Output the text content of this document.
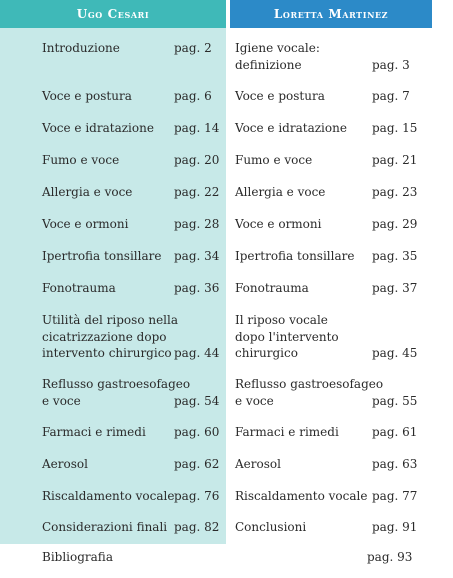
Ugo Cesari
Introduzione	pag. 2
Voce e postura	pag. 6
Voce e idratazione pag. 14
Fumo e voce	pag. 20
Allergia e voce	pag. 22
Voce e ormoni	pag. 28
Ipertrofia tonsillare pag. 34
Fonotrauma	pag. 36
Utilità del riposo nella
cicatrizzazione dopo
intervento chirurgico pag. 44
Reflusso gastroesofageo
e voce	pag. 54
Farmaci e rimedi pag. 60
Aerosol	pag. 62
Riscaldamento vocale pag. 76
Considerazioni finali pag. 82
Loretta Martinez
Igiene vocale:
definizione	pag. 3
Voce e postura	pag. 7
Voce e idratazione pag. 15
Fumo e voce	pag. 21
Allergia e voce	pag. 23
Voce e ormoni	pag. 29
Ipertrofia tonsillare pag. 35
Fonotrauma	pag. 37
Il riposo vocale
dopo l'intervento
chirurgico	pag. 45
Reflusso gastroesofageo
e voce	pag. 55
Farmaci e rimedi	pag. 61
Aerosol	pag. 63
Riscaldamento vocale pag. 77
Conclusioni	pag. 91
Bibliografia	pag. 93
